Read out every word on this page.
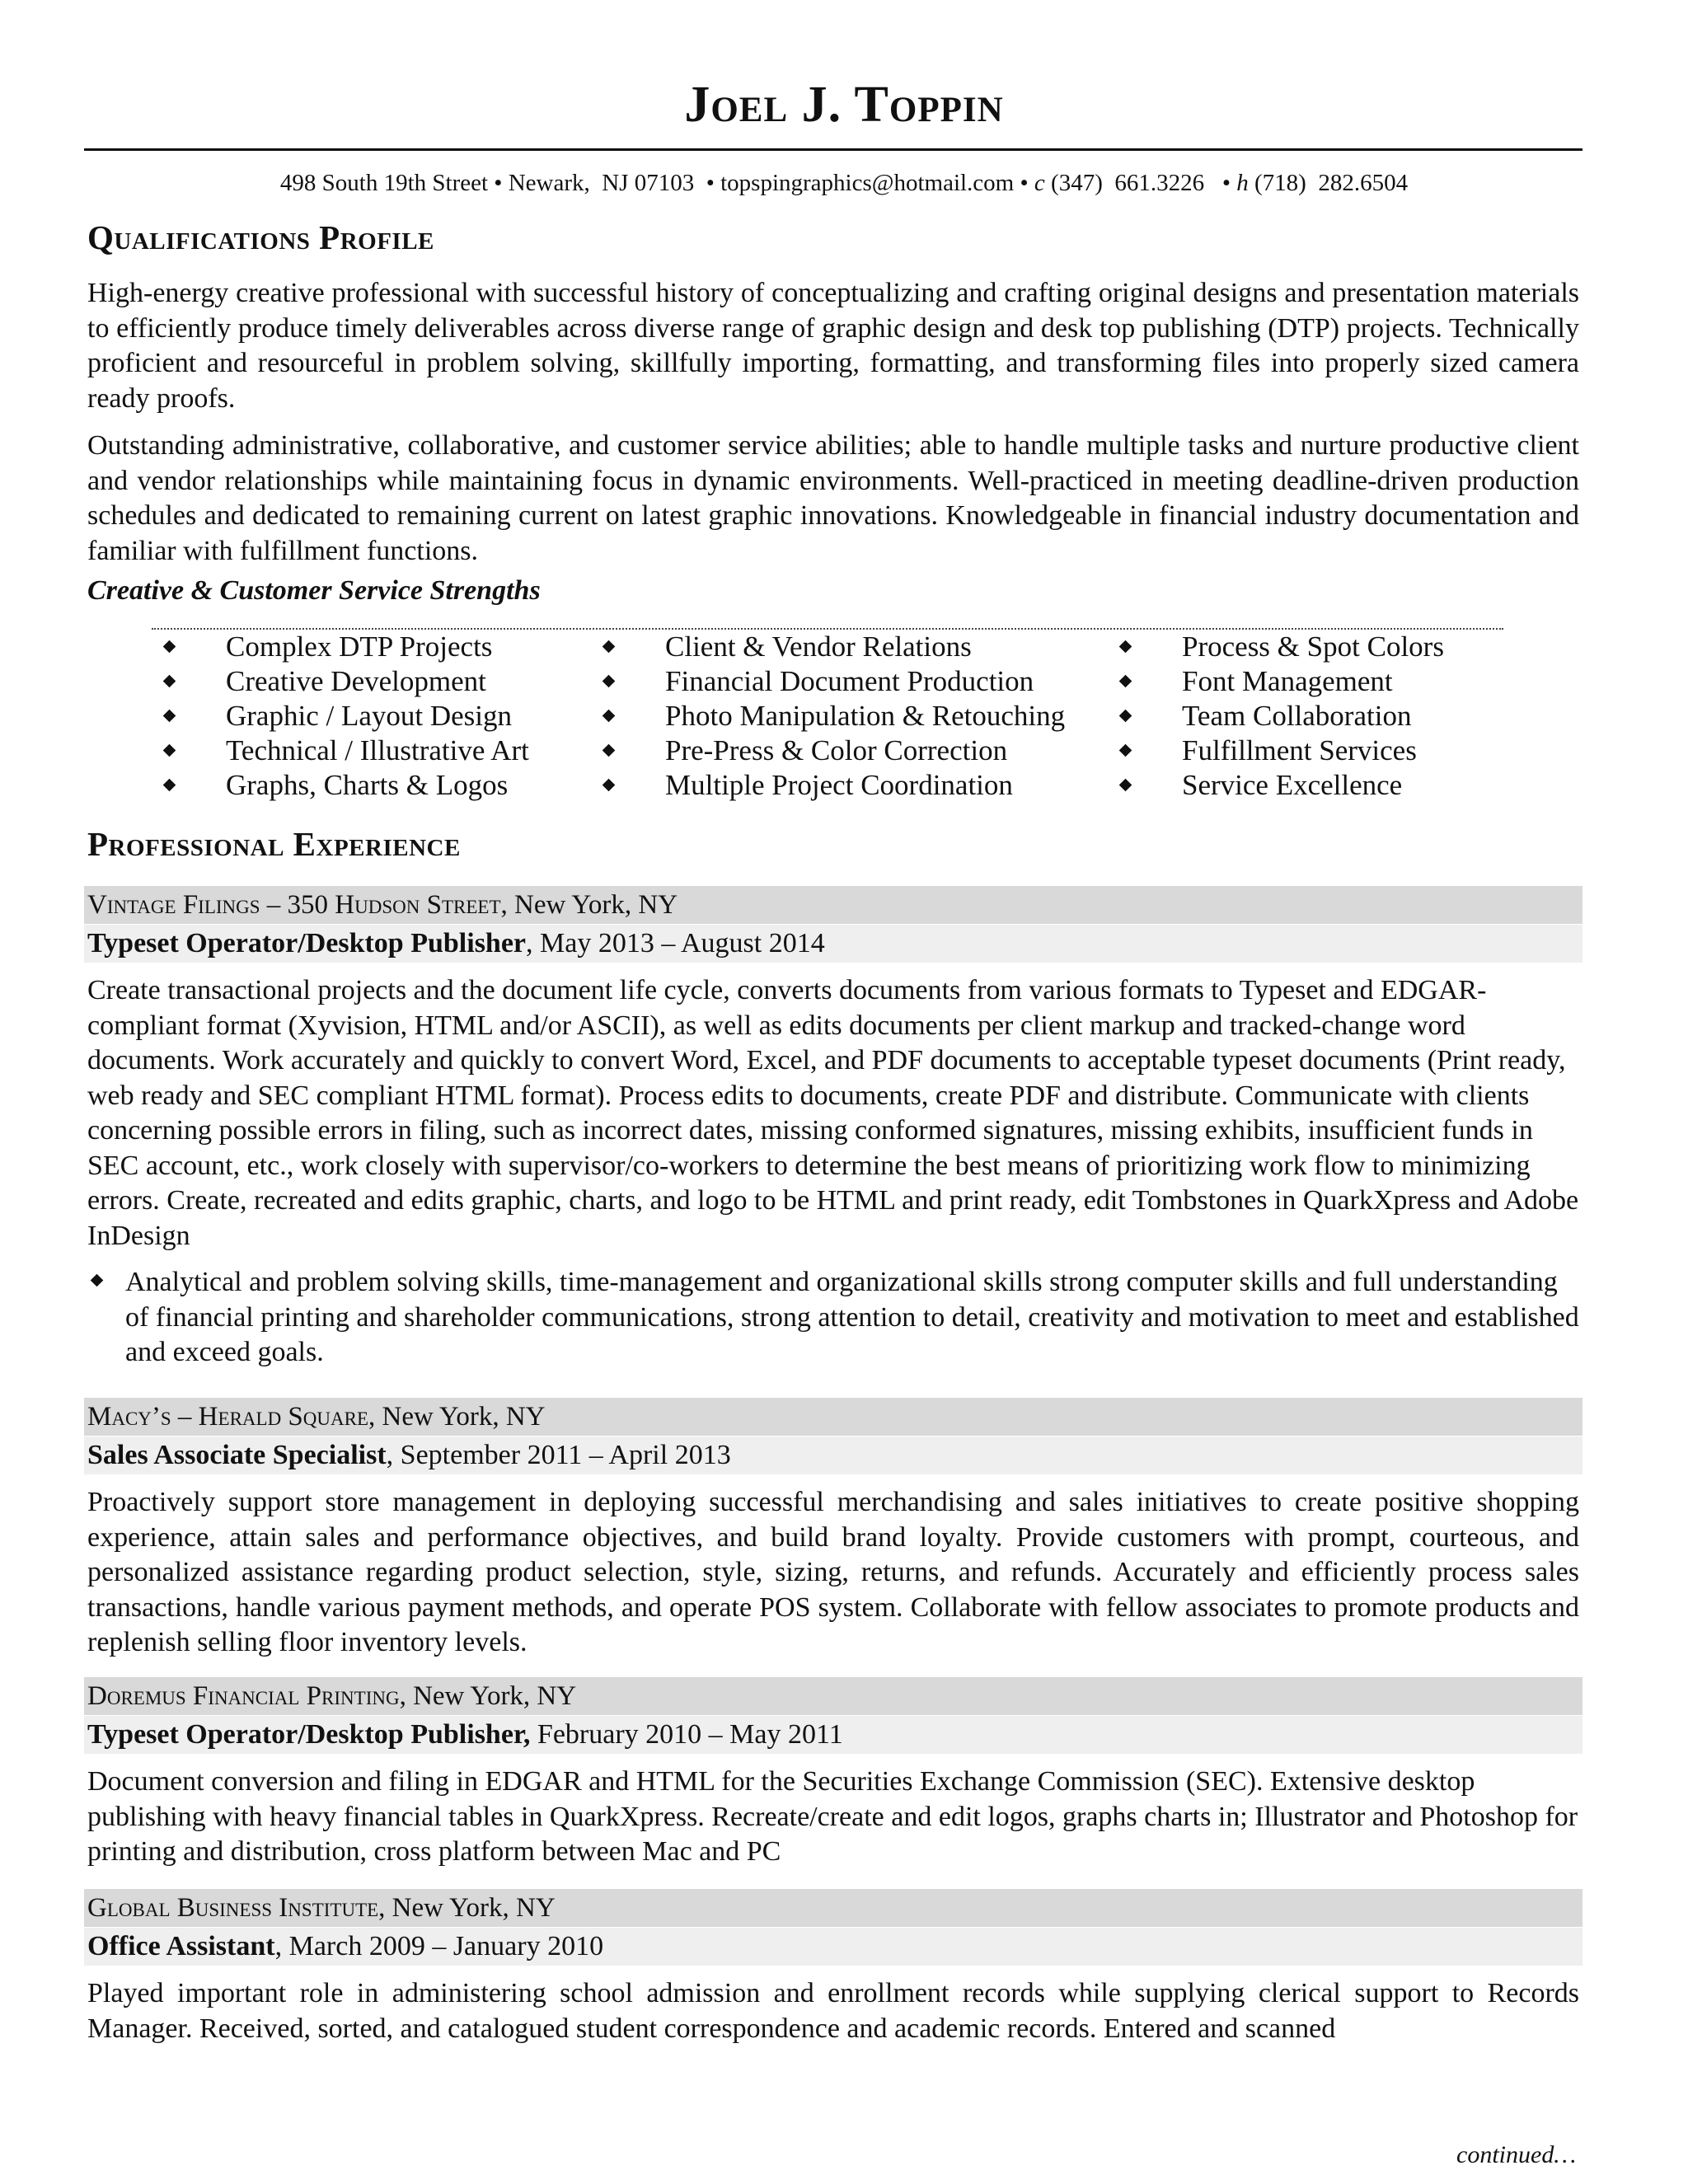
Joel J. Toppin
498 South 19th Street • Newark,  NJ 07103  • topspingraphics@hotmail.com • c (347)  661.3226   • h (718)  282.6504
Qualifications Profile
High-energy creative professional with successful history of conceptualizing and crafting original designs and presentation materials to efficiently produce timely deliverables across diverse range of graphic design and desk top publishing (DTP) projects. Technically proficient and resourceful in problem solving, skillfully importing, formatting, and transforming files into properly sized camera ready proofs.
Outstanding administrative, collaborative, and customer service abilities; able to handle multiple tasks and nurture productive client and vendor relationships while maintaining focus in dynamic environments. Well-practiced in meeting deadline-driven production schedules and dedicated to remaining current on latest graphic innovations. Knowledgeable in financial industry documentation and familiar with fulfillment functions.
Creative & Customer Service Strengths
Complex DTP Projects
Creative Development
Graphic / Layout Design
Technical / Illustrative Art
Graphs, Charts & Logos
Client & Vendor Relations
Financial Document Production
Photo Manipulation & Retouching
Pre-Press & Color Correction
Multiple Project Coordination
Process & Spot Colors
Font Management
Team Collaboration
Fulfillment Services
Service Excellence
Professional Experience
Vintage Filings – 350 Hudson Street, New York, NY
Typeset Operator/Desktop Publisher, May 2013 – August 2014
Create transactional projects and the document life cycle, converts documents from various formats to Typeset and EDGAR-compliant format (Xyvision, HTML and/or ASCII), as well as edits documents per client markup and tracked-change word documents. Work accurately and quickly to convert Word, Excel, and PDF documents to acceptable typeset documents (Print ready, web ready and SEC compliant HTML format). Process edits to documents, create PDF and distribute. Communicate with clients concerning possible errors in filing, such as incorrect dates, missing conformed signatures, missing exhibits, insufficient funds in SEC account, etc., work closely with supervisor/co-workers to determine the best means of prioritizing work flow to minimizing errors. Create, recreated and edits graphic, charts, and logo to be HTML and print ready, edit Tombstones in QuarkXpress and Adobe InDesign
Analytical and problem solving skills, time-management and organizational skills strong computer skills and full understanding of financial printing and shareholder communications, strong attention to detail, creativity and motivation to meet and established and exceed goals.
Macy’s – Herald Square, New York, NY
Sales Associate Specialist, September 2011 – April 2013
Proactively support store management in deploying successful merchandising and sales initiatives to create positive shopping experience, attain sales and performance objectives, and build brand loyalty. Provide customers with prompt, courteous, and personalized assistance regarding product selection, style, sizing, returns, and refunds. Accurately and efficiently process sales transactions, handle various payment methods, and operate POS system. Collaborate with fellow associates to promote products and replenish selling floor inventory levels.
Doremus Financial Printing, New York, NY
Typeset Operator/Desktop Publisher, February 2010 – May 2011
Document conversion and filing in EDGAR and HTML for the Securities Exchange Commission (SEC). Extensive desktop publishing with heavy financial tables in QuarkXpress. Recreate/create and edit logos, graphs charts in; Illustrator and Photoshop for printing and distribution, cross platform between Mac and PC
Global Business Institute, New York, NY
Office Assistant, March 2009 – January 2010
Played important role in administering school admission and enrollment records while supplying clerical support to Records Manager. Received, sorted, and catalogued student correspondence and academic records. Entered and scanned
continued…
